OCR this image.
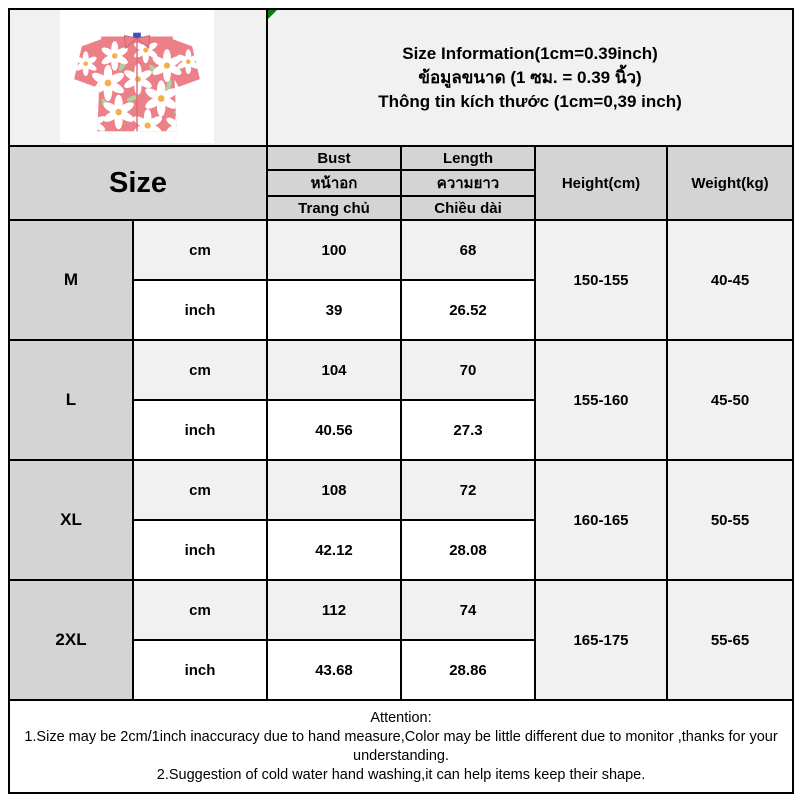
Size Information(1cm=0.39inch)
ข้อมูลขนาด (1 ซม. = 0.39 นิ้ว)
Thông tin kích thước (1cm=0,39 inch)			

Size		Bust	Length	Height(cm)	Weight(kg)
		หน้าอก	ความยาว		
		Trang chủ	Chiều dài		
M	cm	100	68	150-155	40-45
	inch	39	26.52		
L	cm	104	70	155-160	45-50
	inch	40.56	27.3		
XL	cm	108	72	160-165	50-55
	inch	42.12	28.08		
2XL	cm	112	74	165-175	55-65
	inch	43.68	28.86		

Attention:
1.Size may be 2cm/1inch inaccuracy due to hand measure,Color may be little different due to monitor ,thanks for your understanding.
2.Suggestion of cold water hand washing,it can help items keep their shape.					
